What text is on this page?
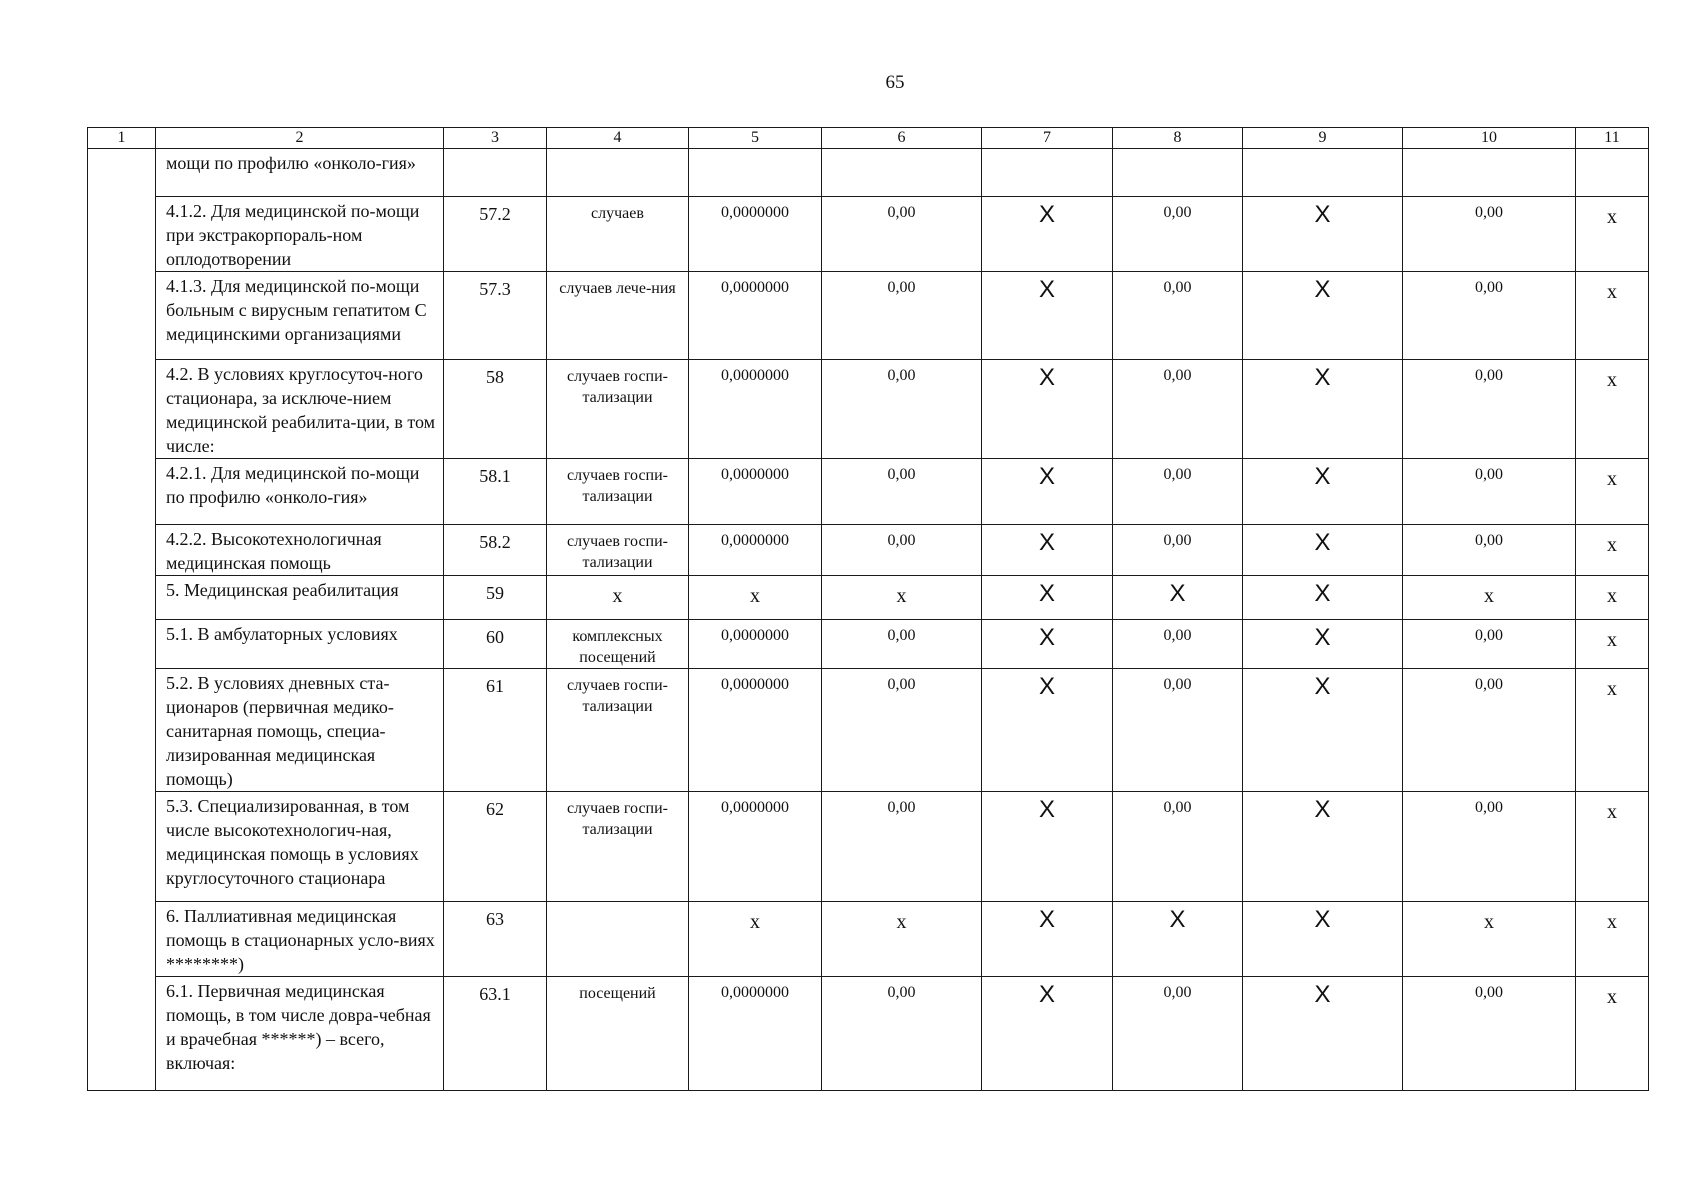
65
1	2	3	4	5	6	7	8	9	10	11
	мощи по профилю «онколо-гия»									
	4.1.2. Для медицинской по-мощи при экстракорпораль-ном оплодотворении	57.2	случаев	0,0000000	0,00	X	0,00	X	0,00	x
	4.1.3. Для медицинской по-мощи больным с вирусным гепатитом С медицинскими организациями	57.3	случаев лече-ния	0,0000000	0,00	X	0,00	X	0,00	x
	4.2. В условиях круглосуточ-ного стационара, за исключе-нием медицинской реабилита-ции, в том числе:	58	случаев госпи-тализации	0,0000000	0,00	X	0,00	X	0,00	x
	4.2.1. Для медицинской по-мощи по профилю «онколо-гия»	58.1	случаев госпи-тализации	0,0000000	0,00	X	0,00	X	0,00	x
	4.2.2. Высокотехнологичная медицинская помощь	58.2	случаев госпи-тализации	0,0000000	0,00	X	0,00	X	0,00	x
	5. Медицинская реабилитация	59	x	x	x	X	X	X	x	x
	5.1. В амбулаторных условиях	60	комплексных посещений	0,0000000	0,00	X	0,00	X	0,00	x
	5.2. В условиях дневных ста-ционаров (первичная медико-санитарная помощь, специа-лизированная медицинская помощь)	61	случаев госпи-тализации	0,0000000	0,00	X	0,00	X	0,00	x
	5.3. Специализированная, в том числе высокотехнологич-ная, медицинская помощь в условиях круглосуточного стационара	62	случаев госпи-тализации	0,0000000	0,00	X	0,00	X	0,00	x
	6. Паллиативная медицинская помощь в стационарных усло-виях ********)	63		x	x	X	X	X	x	x
	6.1. Первичная медицинская помощь, в том числе довра-чебная и врачебная ******) – всего, включая:	63.1	посещений	0,0000000	0,00	X	0,00	X	0,00	x
